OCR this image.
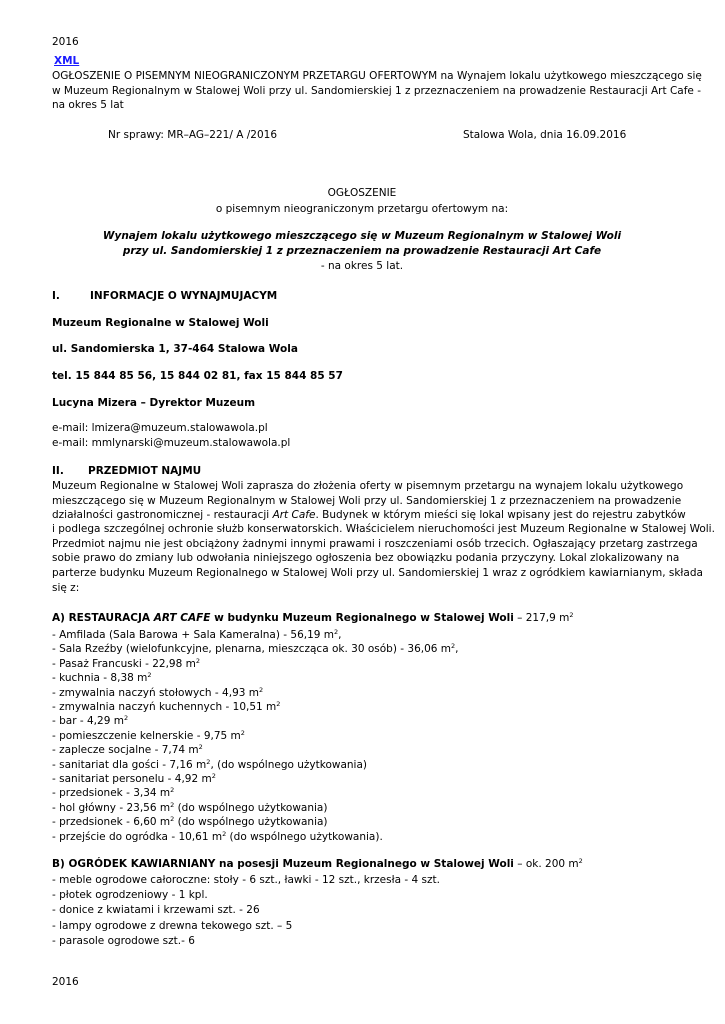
2016
XML
OGŁOSZENIE O PISEMNYM NIEOGRANICZONYM PRZETARGU OFERTOWYM na Wynajem lokalu użytkowego mieszczącego się
w Muzeum Regionalnym w Stalowej Woli przy ul. Sandomierskiej 1 z przeznaczeniem na prowadzenie Restauracji Art Cafe -
na okres 5 lat
Nr sprawy: MR–AG–221/ A /2016	Stalowa Wola, dnia 16.09.2016
OGŁOSZENIE
o pisemnym nieograniczonym przetargu ofertowym na:
Wynajem lokalu użytkowego mieszczącego się w Muzeum Regionalnym w Stalowej Woli
przy ul. Sandomierskiej 1 z przeznaczeniem na prowadzenie Restauracji Art Cafe
- na okres 5 lat.
I.	INFORMACJE O WYNAJMUJACYM
Muzeum Regionalne w Stalowej Woli
ul. Sandomierska 1, 37-464 Stalowa Wola
tel. 15 844 85 56, 15 844 02 81, fax 15 844 85 57
Lucyna Mizera – Dyrektor Muzeum
e-mail: lmizera@muzeum.stalowawola.pl
e-mail: mmlynarski@muzeum.stalowawola.pl
II. PRZEDMIOT NAJMU
Muzeum Regionalne w Stalowej Woli zaprasza do złożenia oferty w pisemnym przetargu na wynajem lokalu użytkowego
mieszczącego się w Muzeum Regionalnym w Stalowej Woli przy ul. Sandomierskiej 1 z przeznaczeniem na prowadzenie
działalności gastronomicznej - restauracji Art Cafe. Budynek w którym mieści się lokal wpisany jest do rejestru zabytków
i podlega szczególnej ochronie służb konserwatorskich. Właścicielem nieruchomości jest Muzeum Regionalne w Stalowej Woli.
Przedmiot najmu nie jest obciążony żadnymi innymi prawami i roszczeniami osób trzecich. Ogłaszający przetarg zastrzega
sobie prawo do zmiany lub odwołania niniejszego ogłoszenia bez obowiązku podania przyczyny. Lokal zlokalizowany na
parterze budynku Muzeum Regionalnego w Stalowej Woli przy ul. Sandomierskiej 1 wraz z ogródkiem kawiarnianym, składa
się z:
A) RESTAURACJA ART CAFE w budynku Muzeum Regionalnego w Stalowej Woli – 217,9 $m^2$
- Amfilada (Sala Barowa + Sala Kameralna) - 56,19 $m^2$,
- Sala Rzeźby (wielofunkcyjne, plenarna, mieszcząca ok. 30 osób) - 36,06 $m^2$,
- Pasaż Francuski - 22,98 $m^2$
- kuchnia - 8,38 $m^2$
- zmywalnia naczyń stołowych - 4,93 $m^2$
- zmywalnia naczyń kuchennych - 10,51 $m^2$
- bar - 4,29 $m^2$
- pomieszczenie kelnerskie - 9,75 $m^2$
- zaplecze socjalne - 7,74 $m^2$
- sanitariat dla gości - 7,16 $m^2$, (do wspólnego użytkowania)
- sanitariat personelu - 4,92 $m^2$
- przedsionek - 3,34 $m^2$
- hol główny - 23,56 $m^2$ (do wspólnego użytkowania)
- przedsionek - 6,60 $m^2$ (do wspólnego użytkowania)
- przejście do ogródka - 10,61 $m^2$ (do wspólnego użytkowania).
B) OGRÓDEK KAWIARNIANY na posesji Muzeum Regionalnego w Stalowej Woli – ok. 200 $m^2$
- meble ogrodowe całoroczne: stoły - 6 szt., ławki - 12 szt., krzesła - 4 szt.
- płotek ogrodzeniowy - 1 kpl.
- donice z kwiatami i krzewami szt. - 26
- lampy ogrodowe z drewna tekowego szt. – 5
- parasole ogrodowe szt.- 6
2016
